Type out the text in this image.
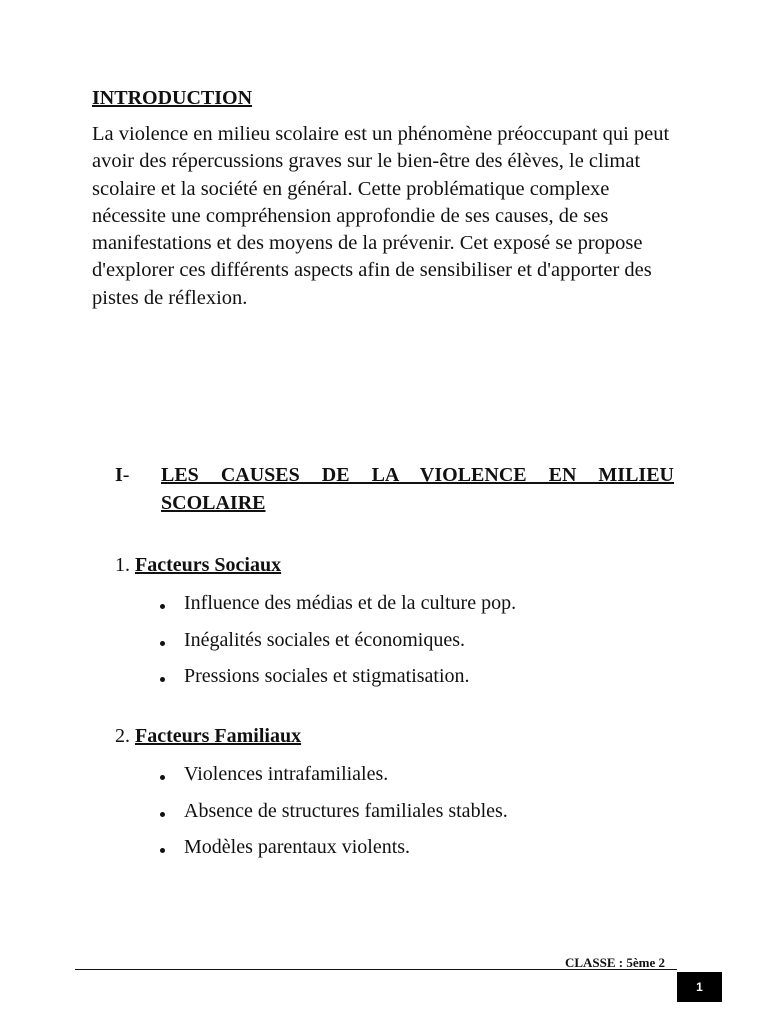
INTRODUCTION

La violence en milieu scolaire est un phénomène préoccupant qui peut avoir des répercussions graves sur le bien-être des élèves, le climat scolaire et la société en général. Cette problématique complexe nécessite une compréhension approfondie de ses causes, de ses manifestations et des moyens de la prévenir. Cet exposé se propose d'explorer ces différents aspects afin de sensibiliser et d'apporter des pistes de réflexion.

I- LES CAUSES DE LA VIOLENCE EN MILIEU SCOLAIRE

1. Facteurs Sociaux

Influence des médias et de la culture pop.
Inégalités sociales et économiques.
Pressions sociales et stigmatisation.

2. Facteurs Familiaux

Violences intrafamiliales.
Absence de structures familiales stables.
Modèles parentaux violents.
CLASSE : 5ème 2
1
